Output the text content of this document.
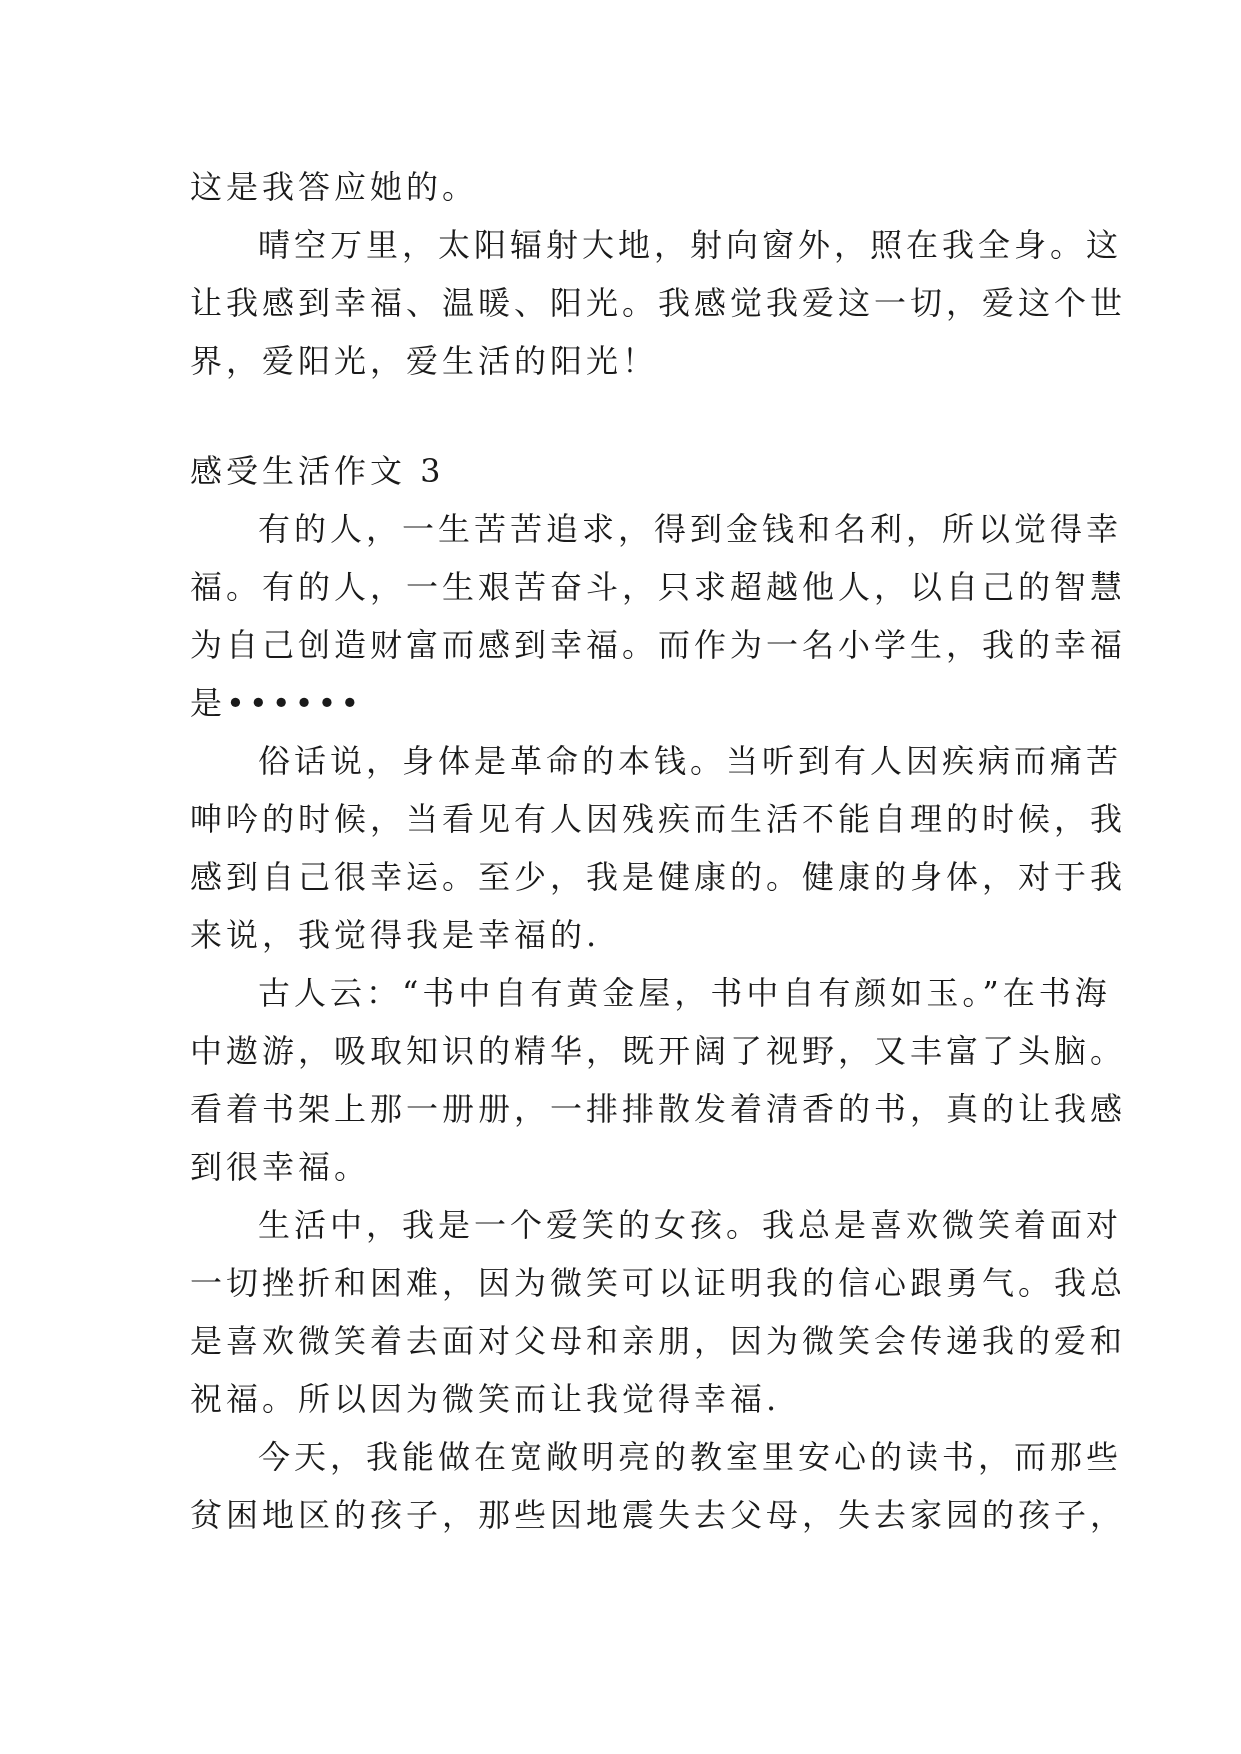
这是我答应她的。
晴空万里，太阳辐射大地，射向窗外，照在我全身。这
让我感到幸福、温暖、阳光。我感觉我爱这一切，爱这个世
界，爱阳光，爱生活的阳光！
感受生活作文 3
有的人，一生苦苦追求，得到金钱和名利，所以觉得幸
福。有的人，一生艰苦奋斗，只求超越他人，以自己的智慧
为自己创造财富而感到幸福。而作为一名小学生，我的幸福
是••••••
俗话说，身体是革命的本钱。当听到有人因疾病而痛苦
呻吟的时候，当看见有人因残疾而生活不能自理的时候，我
感到自己很幸运。至少，我是健康的。健康的身体，对于我
来说，我觉得我是幸福的.
古人云：“书中自有黄金屋，书中自有颜如玉。”在书海
中遨游，吸取知识的精华，既开阔了视野，又丰富了头脑。
看着书架上那一册册，一排排散发着清香的书，真的让我感
到很幸福。
生活中，我是一个爱笑的女孩。我总是喜欢微笑着面对
一切挫折和困难，因为微笑可以证明我的信心跟勇气。我总
是喜欢微笑着去面对父母和亲朋，因为微笑会传递我的爱和
祝福。所以因为微笑而让我觉得幸福.
今天，我能做在宽敞明亮的教室里安心的读书，而那些
贫困地区的孩子，那些因地震失去父母，失去家园的孩子，
